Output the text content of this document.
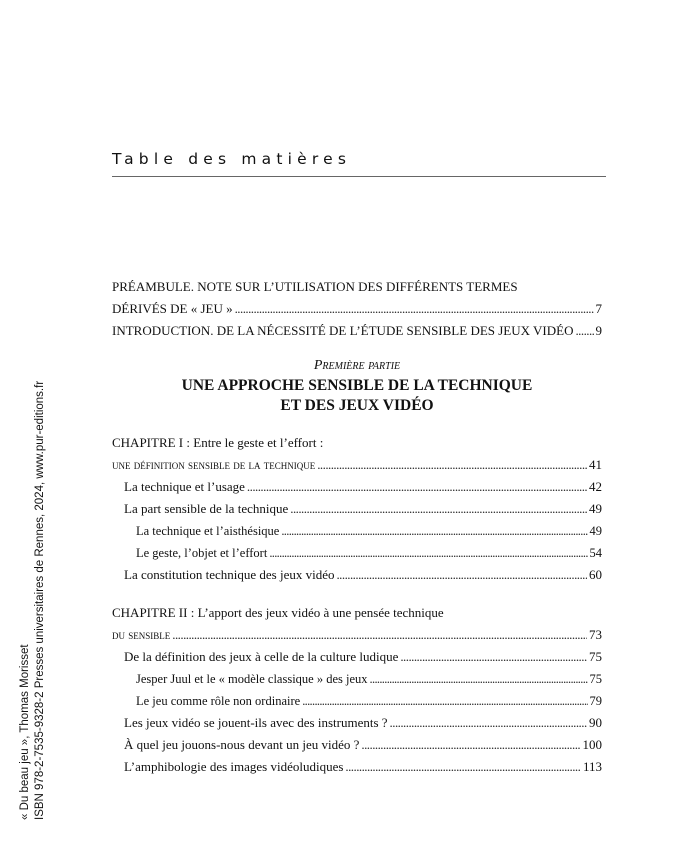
Table des matières
PRÉAMBULE. NOTE SUR L’UTILISATION DES DIFFÉRENTS TERMES
DÉRIVÉS DE « JEU » . . .	7
INTRODUCTION. DE LA NÉCESSITÉ DE L’ÉTUDE SENSIBLE DES JEUX VIDÉO . . . 9
Première partie
UNE APPROCHE SENSIBLE DE LA TECHNIQUE
ET DES JEUX VIDÉO
CHAPITRE I : Entre le geste et l’effort :
une définition sensible de la technique . . .	41
La technique et l’usage . . .	42
La part sensible de la technique . . .	49
La technique et l’aisthésique . . .	49
Le geste, l’objet et l’effort . . .	54
La constitution technique des jeux vidéo . . .	60
CHAPITRE II : L’apport des jeux vidéo à une pensée technique
du sensible . . .	73
De la définition des jeux à celle de la culture ludique . . .	75
Jesper Juul et le « modèle classique » des jeux . . .	75
Le jeu comme rôle non ordinaire . . .	79
Les jeux vidéo se jouent-ils avec des instruments ? . . .	90
À quel jeu jouons-nous devant un jeu vidéo ? . . .	100
L’amphibologie des images vidéoludiques . . .	113
« Du beau jeu », Thomas Morisset ISBN 978-2-7535-9328-2 Presses universitaires de Rennes, 2024, www.pur-editions.fr
